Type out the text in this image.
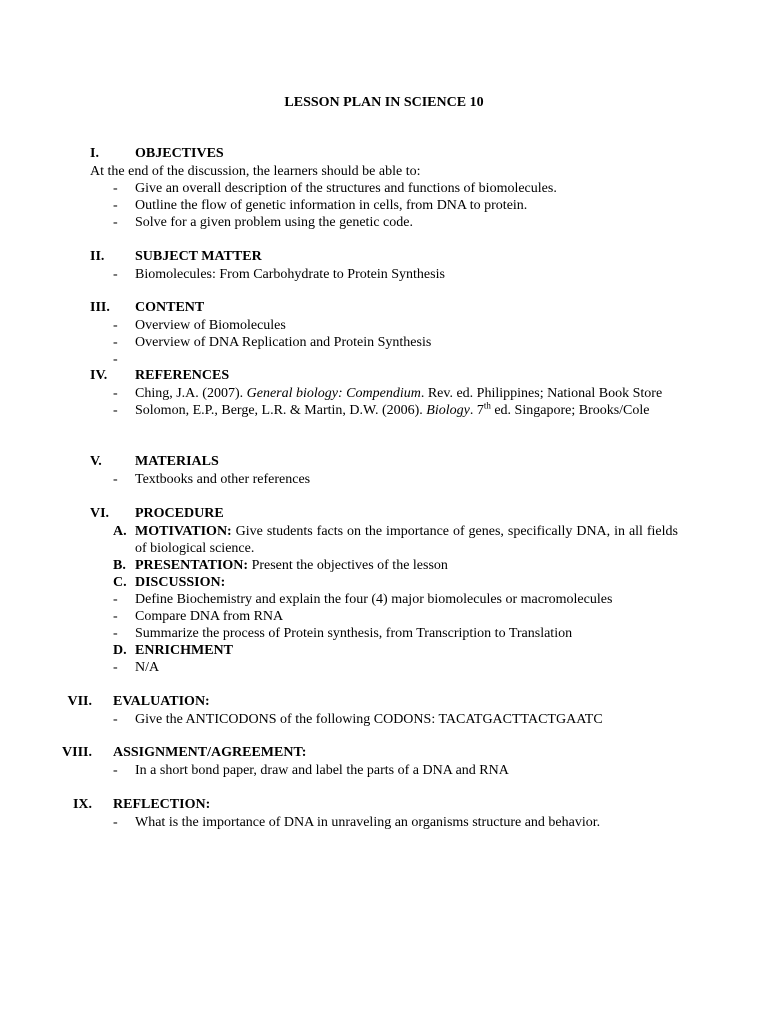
LESSON PLAN IN SCIENCE 10
I.	OBJECTIVES
At the end of the discussion, the learners should be able to:
- Give an overall description of the structures and functions of biomolecules.
- Outline the flow of genetic information in cells, from DNA to protein.
- Solve for a given problem using the genetic code.
II. SUBJECT MATTER
- Biomolecules: From Carbohydrate to Protein Synthesis
III. CONTENT
- Overview of Biomolecules
- Overview of DNA Replication and Protein Synthesis
-
IV. REFERENCES
- Ching, J.A. (2007). General biology: Compendium. Rev. ed. Philippines; National Book Store
- Solomon, E.P., Berge, L.R. & Martin, D.W. (2006). Biology. 7th ed. Singapore; Brooks/Cole
V. MATERIALS
- Textbooks and other references
VI. PROCEDURE
A. MOTIVATION: Give students facts on the importance of genes, specifically DNA, in all fields of biological science.
B. PRESENTATION: Present the objectives of the lesson
C. DISCUSSION:
- Define Biochemistry and explain the four (4) major biomolecules or macromolecules
- Compare DNA from RNA
- Summarize the process of Protein synthesis, from Transcription to Translation
D. ENRICHMENT
- N/A
VII. EVALUATION:
- Give the ANTICODONS of the following CODONS: TACATGACTTACTGAATC
VIII. ASSIGNMENT/AGREEMENT:
- In a short bond paper, draw and label the parts of a DNA and RNA
IX. REFLECTION:
- What is the importance of DNA in unraveling an organisms structure and behavior.
